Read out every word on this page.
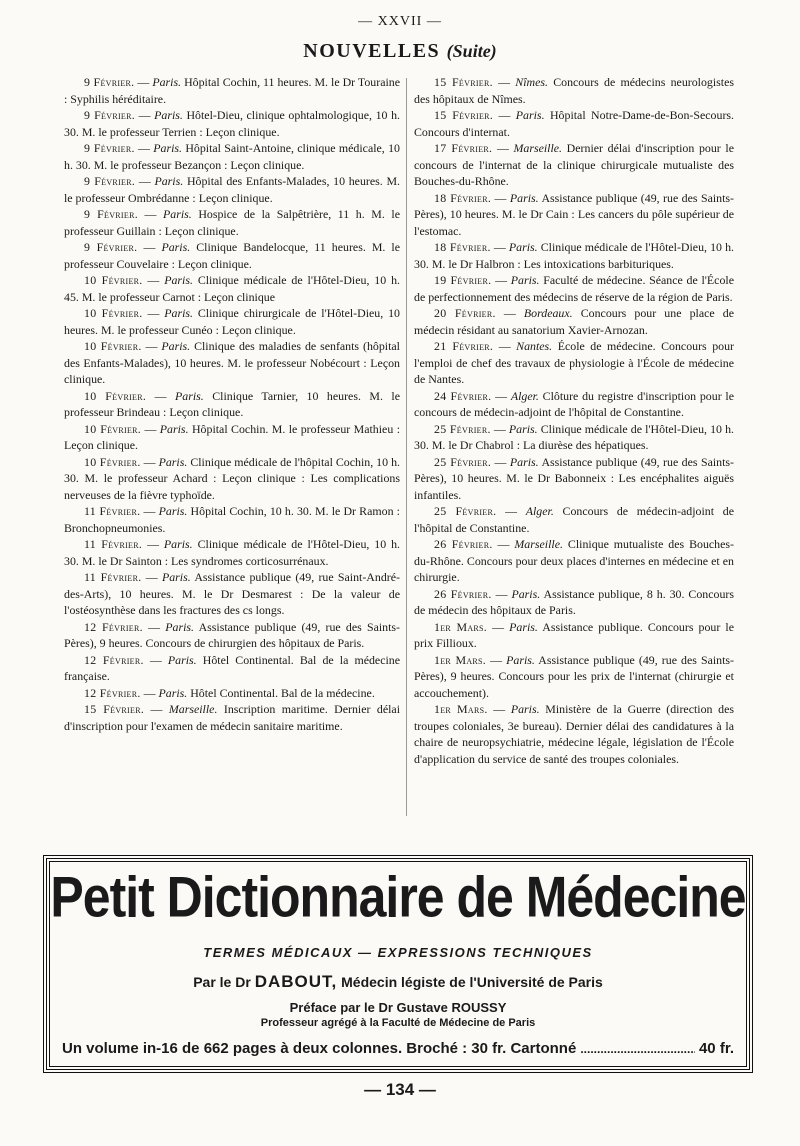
— XXVII —
NOUVELLES (Suite)

9 Février. — Paris. Hôpital Cochin, 11 heures. M. le Dr Touraine : Syphilis héréditaire.

9 Février. — Paris. Hôtel-Dieu, clinique ophtalmologique, 10 h. 30. M. le professeur Terrien : Leçon clinique.

9 Février. — Paris. Hôpital Saint-Antoine, clinique médicale, 10 h. 30. M. le professeur Bezançon : Leçon clinique.

9 Février. — Paris. Hôpital des Enfants-Malades, 10 heures. M. le professeur Ombrédanne : Leçon clinique.

9 Février. — Paris. Hospice de la Salpêtrière, 11 h. M. le professeur Guillain : Leçon clinique.

9 Février. — Paris. Clinique Bandelocque, 11 heures. M. le professeur Couvelaire : Leçon clinique.

10 Février. — Paris. Clinique médicale de l'Hôtel-Dieu, 10 h. 45. M. le professeur Carnot : Leçon clinique

10 Février. — Paris. Clinique chirurgicale de l'Hôtel-Dieu, 10 heures. M. le professeur Cunéo : Leçon clinique.

10 Février. — Paris. Clinique des maladies de senfants (hôpital des Enfants-Malades), 10 heures. M. le professeur Nobécourt : Leçon clinique.

10 Février. — Paris. Clinique Tarnier, 10 heures. M. le professeur Brindeau : Leçon clinique.

10 Février. — Paris. Hôpital Cochin. M. le professeur Mathieu : Leçon clinique.

10 Février. — Paris. Clinique médicale de l'hôpital Cochin, 10 h. 30. M. le professeur Achard : Leçon clinique : Les complications nerveuses de la fièvre typhoïde.

11 Février. — Paris. Hôpital Cochin, 10 h. 30. M. le Dr Ramon : Bronchopneumonies.

11 Février. — Paris. Clinique médicale de l'Hôtel-Dieu, 10 h. 30. M. le Dr Sainton : Les syndromes corticosurrénaux.

11 Février. — Paris. Assistance publique (49, rue Saint-André-des-Arts), 10 heures. M. le Dr Desmarest : De la valeur de l'ostéosynthèse dans les fractures des cs longs.

12 Février. — Paris. Assistance publique (49, rue des Saints-Pères), 9 heures. Concours de chirurgien des hôpitaux de Paris.

12 Février. — Paris. Hôtel Continental. Bal de la médecine française.

12 Février. — Paris. Hôtel Continental. Bal de la médecine.

15 Février. — Marseille. Inscription maritime. Dernier délai d'inscription pour l'examen de médecin sanitaire maritime.

15 Février. — Nîmes. Concours de médecins neurologistes des hôpitaux de Nîmes.

15 Février. — Paris. Hôpital Notre-Dame-de-Bon-Secours. Concours d'internat.

17 Février. — Marseille. Dernier délai d'inscription pour le concours de l'internat de la clinique chirurgicale mutualiste des Bouches-du-Rhône.

18 Février. — Paris. Assistance publique (49, rue des Saints-Pères), 10 heures. M. le Dr Cain : Les cancers du pôle supérieur de l'estomac.

18 Février. — Paris. Clinique médicale de l'Hôtel-Dieu, 10 h. 30. M. le Dr Halbron : Les intoxications barbituriques.

19 Février. — Paris. Faculté de médecine. Séance de l'École de perfectionnement des médecins de réserve de la région de Paris.

20 Février. — Bordeaux. Concours pour une place de médecin résidant au sanatorium Xavier-Arnozan.

21 Février. — Nantes. École de médecine. Concours pour l'emploi de chef des travaux de physiologie à l'École de médecine de Nantes.

24 Février. — Alger. Clôture du registre d'inscription pour le concours de médecin-adjoint de l'hôpital de Constantine.

25 Février. — Paris. Clinique médicale de l'Hôtel-Dieu, 10 h. 30. M. le Dr Chabrol : La diurèse des hépatiques.

25 Février. — Paris. Assistance publique (49, rue des Saints-Pères), 10 heures. M. le Dr Babonneix : Les encéphalites aiguës infantiles.

25 Février. — Alger. Concours de médecin-adjoint de l'hôpital de Constantine.

26 Février. — Marseille. Clinique mutualiste des Bouches-du-Rhône. Concours pour deux places d'internes en médecine et en chirurgie.

26 Février. — Paris. Assistance publique, 8 h. 30. Concours de médecin des hôpitaux de Paris.

1er Mars. — Paris. Assistance publique. Concours pour le prix Fillioux.

1er Mars. — Paris. Assistance publique (49, rue des Saints-Pères), 9 heures. Concours pour les prix de l'internat (chirurgie et accouchement).

1er Mars. — Paris. Ministère de la Guerre (direction des troupes coloniales, 3e bureau). Dernier délai des candidatures à la chaire de neuropsychiatrie, médecine légale, législation de l'École d'application du service de santé des troupes coloniales.

Petit Dictionnaire de Médecine
TERMES MÉDICAUX — EXPRESSIONS TECHNIQUES
Par le Dr DABOUT, Médecin légiste de l'Université de Paris
Préface par le Dr Gustave ROUSSY
Professeur agrégé à la Faculté de Médecine de Paris
Un volume in-16 de 662 pages à deux colonnes. Broché : 30 fr. Cartonné
.....	40 fr.
— 134 —
